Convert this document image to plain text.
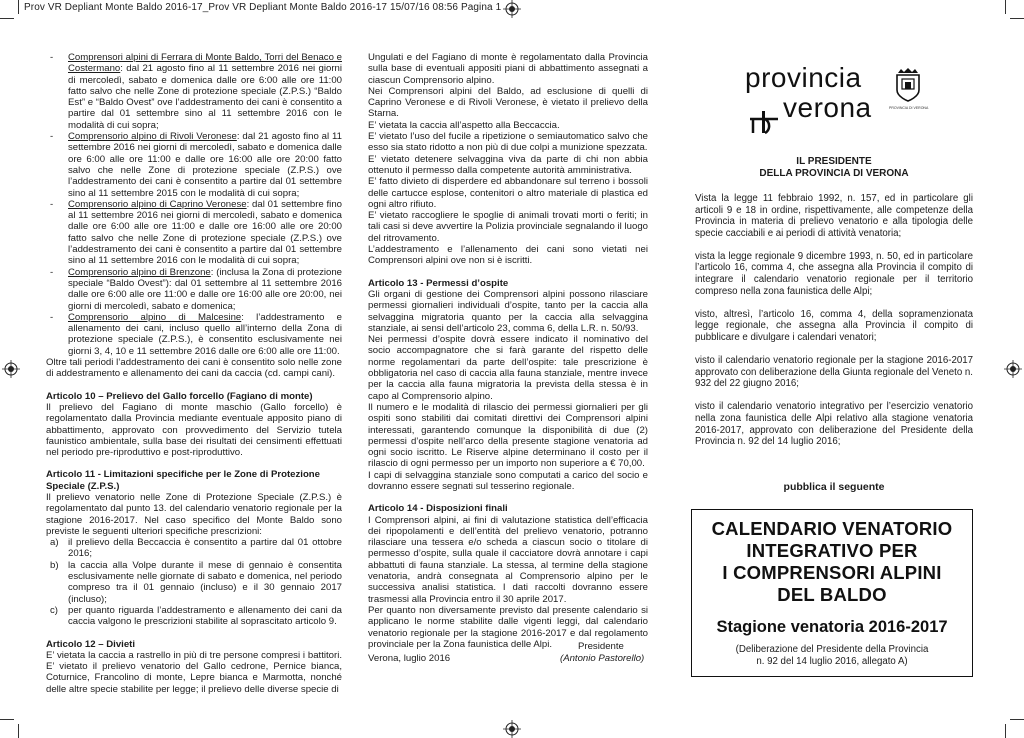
Prov VR Depliant Monte Baldo 2016-17_Prov VR Depliant Monte Baldo 2016-17 15/07/16 08:56 Pagina 1
- Comprensori alpini di Ferrara di Monte Baldo, Torri del Benaco e Costermano: dal 21 agosto fino al 11 settembre 2016 nei giorni di mercoledì, sabato e domenica dalle ore 6:00 alle ore 11:00 fatto salvo che nelle Zone di protezione speciale (Z.P.S.) “Baldo Est” e “Baldo Ovest” ove l’addestramento dei cani è consentito a partire dal 01 settembre sino al 11 settembre 2016 con le modalità di cui sopra;
- Comprensorio alpino di Rivoli Veronese: dal 21 agosto fino al 11 settembre 2016 nei giorni di mercoledì, sabato e domenica dalle ore 6:00 alle ore 11:00 e dalle ore 16:00 alle ore 20:00 fatto salvo che nelle Zone di protezione speciale (Z.P.S.) ove l’addestramento dei cani è consentito a partire dal 01 settembre sino al 11 settembre 2015 con le modalità di cui sopra;
- Comprensorio alpino di Caprino Veronese: dal 01 settembre fino al 11 settembre 2016 nei giorni di mercoledì, sabato e domenica dalle ore 6:00 alle ore 11:00 e dalle ore 16:00 alle ore 20:00 fatto salvo che nelle Zone di protezione speciale (Z.P.S.) ove l’addestramento dei cani è consentito a partire dal 01 settembre sino al 11 settembre 2016 con le modalità di cui sopra;
- Comprensorio alpino di Brenzone: (inclusa la Zona di protezione speciale “Baldo Ovest”): dal 01 settembre al 11 settembre 2016 dalle ore 6:00 alle ore 11:00 e dalle ore 16:00 alle ore 20:00, nei giorni di mercoledì, sabato e domenica;
- Comprensorio alpino di Malcesine: l’addestramento e allenamento dei cani, incluso quello all’interno della Zona di protezione speciale (Z.P.S.), è consentito esclusivamente nei giorni 3, 4, 10 e 11 settembre 2016 dalle ore 6:00 alle ore 11:00.

Oltre tali periodi l’addestramento dei cani è consentito solo nelle zone di addestramento e allenamento dei cani da caccia (cd. campi cani).

Articolo 10 – Prelievo del Gallo forcello (Fagiano di monte)

Il prelievo del Fagiano di monte maschio (Gallo forcello) è regolamentato dalla Provincia mediante eventuale apposito piano di abbattimento, approvato con provvedimento del Servizio tutela faunistico ambientale, sulla base dei risultati dei censimenti effettuati nel periodo pre-riproduttivo e post-riproduttivo.

Articolo 11 - Limitazioni specifiche per le Zone di Protezione Speciale (Z.P.S.)

Il prelievo venatorio nelle Zone di Protezione Speciale (Z.P.S.) è regolamentato dal punto 13. del calendario venatorio regionale per la stagione 2016-2017. Nel caso specifico del Monte Baldo sono previste le seguenti ulteriori specifiche prescrizioni:

a) il prelievo della Beccaccia è consentito a partire dal 01 ottobre 2016;
b) la caccia alla Volpe durante il mese di gennaio è consentita esclusivamente nelle giornate di sabato e domenica, nel periodo compreso tra il 01 gennaio (incluso) e il 30 gennaio 2017 (incluso);
c) per quanto riguarda l’addestramento e allenamento dei cani da caccia valgono le prescrizioni stabilite al soprascitato articolo 9.

Articolo 12 – Divieti

E’ vietata la caccia a rastrello in più di tre persone compresi i battitori. E’ vietato il prelievo venatorio del Gallo cedrone, Pernice bianca, Coturnice, Francolino di monte, Lepre bianca e Marmotta, nonché delle altre specie stabilite per legge; il prelievo delle diverse specie di

Ungulati e del Fagiano di monte è regolamentato dalla Provincia sulla base di eventuali appositi piani di abbattimento assegnati a ciascun Comprensorio alpino.

Nei Comprensori alpini del Baldo, ad esclusione di quelli di Caprino Veronese e di Rivoli Veronese, è vietato il prelievo della Starna.

E’ vietata la caccia all’aspetto alla Beccaccia.

E’ vietato l’uso del fucile a ripetizione o semiautomatico salvo che esso sia stato ridotto a non più di due colpi a munizione spezzata.

E’ vietato detenere selvaggina viva da parte di chi non abbia ottenuto il permesso dalla competente autorità amministrativa.

E’ fatto divieto di disperdere ed abbandonare sul terreno i bossoli delle cartucce esplose, contenitori o altro materiale di plastica ed ogni altro rifiuto.

E’ vietato raccogliere le spoglie di animali trovati morti o feriti; in tali casi si deve avvertire la Polizia provinciale segnalando il luogo del ritrovamento.

L’addestramento e l’allenamento dei cani sono vietati nei Comprensori alpini ove non si è iscritti.

Articolo 13 - Permessi d’ospite

Gli organi di gestione dei Comprensori alpini possono rilasciare permessi giornalieri individuali d’ospite, tanto per la caccia alla selvaggina migratoria quanto per la caccia alla selvaggina stanziale, ai sensi dell’articolo 23, comma 6, della L.R. n. 50/93.

Nei permessi d’ospite dovrà essere indicato il nominativo del socio accompagnatore che si farà garante del rispetto delle norme regolamentari da parte dell’ospite: tale prescrizione è obbligatoria nel caso di caccia alla fauna stanziale, mentre invece per la caccia alla fauna migratoria la prevista della stessa è in capo al Comprensorio alpino.

Il numero e le modalità di rilascio dei permessi giornalieri per gli ospiti sono stabiliti dai comitati direttivi dei Comprensori alpini interessati, garantendo comunque la disponibilità di due (2) permessi d’ospite nell’arco della presente stagione venatoria ad ogni socio iscritto. Le Riserve alpine determinano il costo per il rilascio di ogni permesso per un importo non superiore a € 70,00.

I capi di selvaggina stanziale sono computati a carico del socio e dovranno essere segnati sul tesserino regionale.

Articolo 14 - Disposizioni finali

I Comprensori alpini, ai fini di valutazione statistica dell’efficacia dei ripopolamenti e dell’entità del prelievo venatorio, potranno rilasciare una tessera e/o scheda a ciascun socio o titolare di permesso d’ospite, sulla quale il cacciatore dovrà annotare i capi abbattuti di fauna stanziale. La stessa, al termine della stagione venatoria, andrà consegnata al Comprensorio alpino per le successiva analisi statistica. I dati raccolti dovranno essere trasmessi alla Provincia entro il 30 aprile 2017.

Per quanto non diversamente previsto dal presente calendario si applicano le norme stabilite dalle vigenti leggi, dal calendario venatorio regionale per la stagione 2016-2017 e dal regolamento provinciale per la Zona faunistica delle Alpi.

Verona, luglio 2016
Presidente
(Antonio Pastorello)
provincia
verona	PROVINCIA DI VERONA
IL PRESIDENTE
DELLA PROVINCIA DI VERONA

Vista la legge 11 febbraio 1992, n. 157, ed in particolare gli articoli 9 e 18 in ordine, rispettivamente, alle competenze della Provincia in materia di prelievo venatorio e alla tipologia delle specie cacciabili e ai periodi di attività venatoria;

vista la legge regionale 9 dicembre 1993, n. 50, ed in particolare l’articolo 16, comma 4, che assegna alla Provincia il compito di integrare il calendario venatorio regionale per il territorio compreso nella zona faunistica delle Alpi;

visto, altresì, l’articolo 16, comma 4, della sopramenzionata legge regionale, che assegna alla Provincia il compito di pubblicare e divulgare i calendari venatori;

visto il calendario venatorio regionale per la stagione 2016-2017 approvato con deliberazione della Giunta regionale del Veneto n. 932 del 22 giugno 2016;

visto il calendario venatorio integrativo per l’esercizio venatorio nella zona faunistica delle Alpi relativo alla stagione venatoria 2016-2017, approvato con deliberazione del Presidente della Provincia n. 92 del 14 luglio 2016;

pubblica il seguente
CALENDARIO VENATORIO
INTEGRATIVO PER
I COMPRENSORI ALPINI
DEL BALDO
Stagione venatoria 2016-2017
(Deliberazione del Presidente della Provincia
n. 92 del 14 luglio 2016, allegato A)
